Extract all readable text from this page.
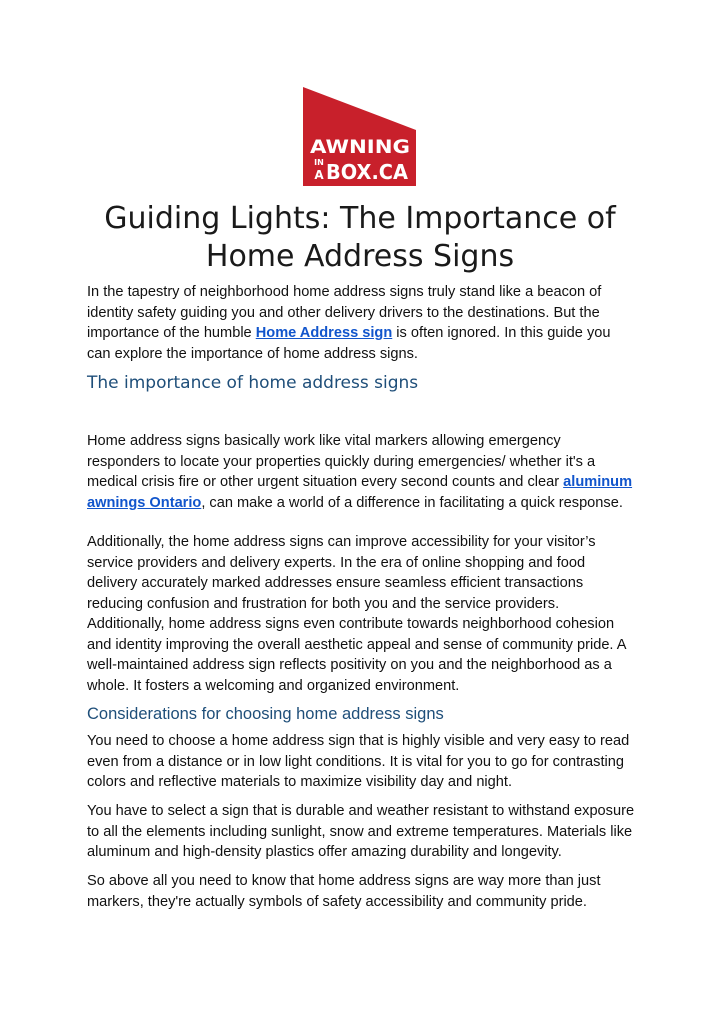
AWNING
IN
A BOX.CA
Guiding Lights: The Importance of
Home Address Signs

In the tapestry of neighborhood home address signs truly stand like a beacon of
identity safety guiding you and other delivery drivers to the destinations. But the
importance of the humble Home Address sign is often ignored. In this guide you
can explore the importance of home address signs.

The importance of home address signs

Home address signs basically work like vital markers allowing emergency
responders to locate your properties quickly during emergencies/ whether it's a
medical crisis fire or other urgent situation every second counts and clear aluminum
awnings Ontario, can make a world of a difference in facilitating a quick response.

Additionally, the home address signs can improve accessibility for your visitor’s
service providers and delivery experts. In the era of online shopping and food
delivery accurately marked addresses ensure seamless efficient transactions
reducing confusion and frustration for both you and the service providers.
Additionally, home address signs even contribute towards neighborhood cohesion
and identity improving the overall aesthetic appeal and sense of community pride. A
well-maintained address sign reflects positivity on you and the neighborhood as a
whole. It fosters a welcoming and organized environment.

Considerations for choosing home address signs

You need to choose a home address sign that is highly visible and very easy to read
even from a distance or in low light conditions. It is vital for you to go for contrasting
colors and reflective materials to maximize visibility day and night.

You have to select a sign that is durable and weather resistant to withstand exposure
to all the elements including sunlight, snow and extreme temperatures. Materials like
aluminum and high-density plastics offer amazing durability and longevity.

So above all you need to know that home address signs are way more than just
markers, they're actually symbols of safety accessibility and community pride.
